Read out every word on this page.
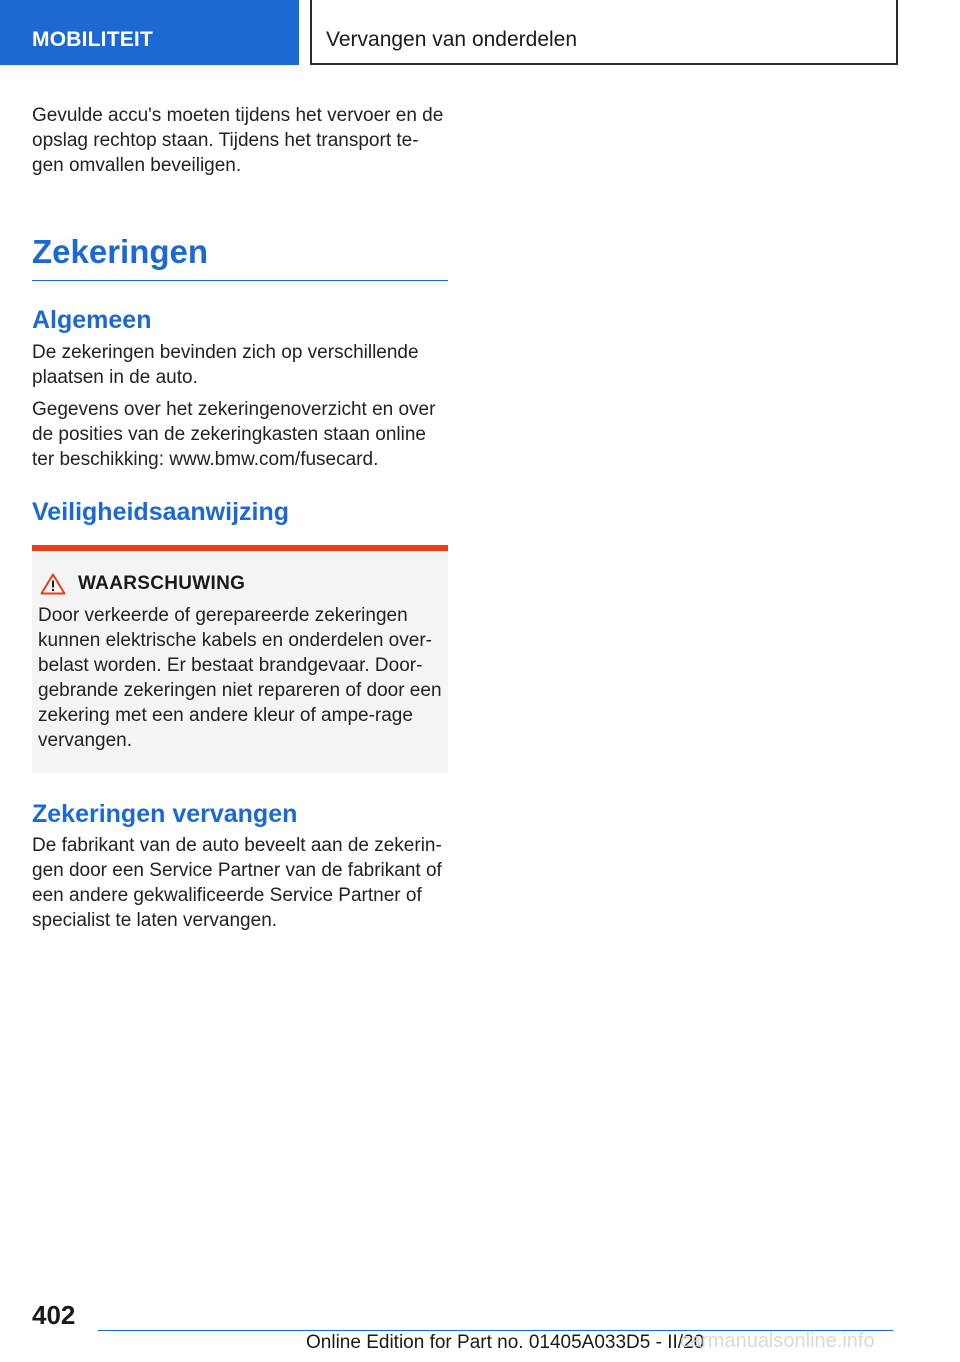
MOBILITEIT	Vervangen van onderdelen

Gevulde accu's moeten tijdens het vervoer en de opslag rechtop staan. Tijdens het transport te-gen omvallen beveiligen.

Zekeringen
Algemeen

De zekeringen bevinden zich op verschillende plaatsen in de auto.

Gegevens over het zekeringenoverzicht en over de posities van de zekeringkasten staan online ter beschikking: www.bmw.com/fusecard.

Veiligheidsaanwijzing
WAARSCHUWING

Door verkeerde of gerepareerde zekeringen kunnen elektrische kabels en onderdelen over-belast worden. Er bestaat brandgevaar. Door-gebrande zekeringen niet repareren of door een zekering met een andere kleur of ampe-rage vervangen.

Zekeringen vervangen

De fabrikant van de auto beveelt aan de zekerin-gen door een Service Partner van de fabrikant of een andere gekwalificeerde Service Partner of specialist te laten vervangen.

402
Online Edition for Part no. 01405A033D5 - II/20
carmanualsonline.info
